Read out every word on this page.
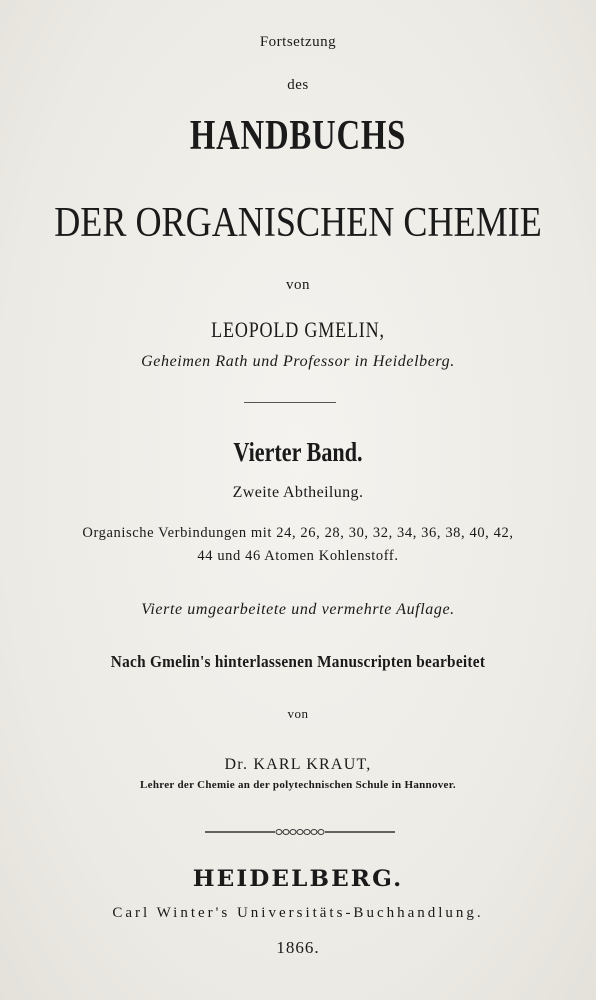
Fortsetzung
des
HANDBUCHS
DER ORGANISCHEN CHEMIE
von
LEOPOLD GMELIN,
Geheimen Rath und Professor in Heidelberg.
Vierter Band.
Zweite Abtheilung.
Organische Verbindungen mit 24, 26, 28, 30, 32, 34, 36, 38, 40, 42,
44 und 46 Atomen Kohlenstoff.
Vierte umgearbeitete und vermehrte Auflage.
Nach Gmelin's hinterlassenen Manuscripten bearbeitet
von
Dr. KARL KRAUT,
Lehrer der Chemie an der polytechnischen Schule in Hannover.
HEIDELBERG.
Carl Winter's Universitäts-Buchhandlung.
1866.
